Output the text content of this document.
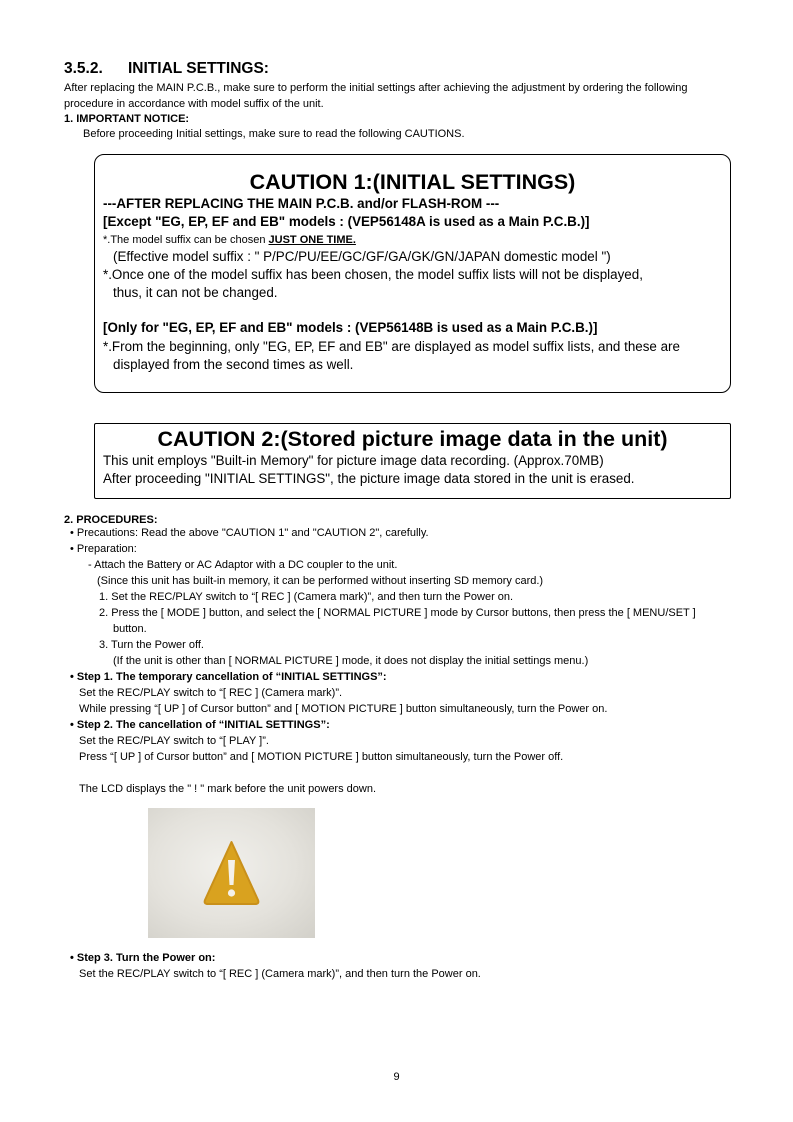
3.5.2. INITIAL SETTINGS:
After replacing the MAIN P.C.B., make sure to perform the initial settings after achieving the adjustment by ordering the following
procedure in accordance with model suffix of the unit.
1. IMPORTANT NOTICE:
Before proceeding Initial settings, make sure to read the following CAUTIONS.
CAUTION 1:(INITIAL SETTINGS)
---AFTER REPLACING THE MAIN P.C.B. and/or FLASH-ROM ---
[Except "EG, EP, EF and EB" models : (VEP56148A is used as a Main P.C.B.)]
*.The model suffix can be chosen JUST ONE TIME.
(Effective model suffix : " P/PC/PU/EE/GC/GF/GA/GK/GN/JAPAN domestic model ")
*.Once one of the model suffix has been chosen, the model suffix lists will not be displayed,
thus, it can not be changed.
[Only for "EG, EP, EF and EB" models : (VEP56148B is used as a Main P.C.B.)]
*.From the beginning, only "EG, EP, EF and EB" are displayed as model suffix lists, and these are
displayed from the second times as well.
CAUTION 2:(Stored picture image data in the unit)
This unit employs "Built-in Memory" for picture image data recording. (Approx.70MB)
After proceeding "INITIAL SETTINGS", the picture image data stored in the unit is erased.
2. PROCEDURES:
• Precautions: Read the above "CAUTION 1" and "CAUTION 2", carefully.
• Preparation:
- Attach the Battery or AC Adaptor with a DC coupler to the unit.
(Since this unit has built-in memory, it can be performed without inserting SD memory card.)
1. Set the REC/PLAY switch to “[ REC ] (Camera mark)”, and then turn the Power on.
2. Press the [ MODE ] button, and select the [ NORMAL PICTURE ] mode by Cursor buttons, then press the [ MENU/SET ]
button.
3. Turn the Power off.
(If the unit is other than [ NORMAL PICTURE ] mode, it does not display the initial settings menu.)
• Step 1. The temporary cancellation of “INITIAL SETTINGS”:
Set the REC/PLAY switch to “[ REC ] (Camera mark)”.
While pressing “[ UP ] of Cursor button” and [ MOTION PICTURE ] button simultaneously, turn the Power on.
• Step 2. The cancellation of “INITIAL SETTINGS”:
Set the REC/PLAY switch to “[ PLAY ]”.
Press “[ UP ] of Cursor button” and [ MOTION PICTURE ] button simultaneously, turn the Power off.
The LCD displays the " ! " mark before the unit powers down.
• Step 3. Turn the Power on:
Set the REC/PLAY switch to “[ REC ] (Camera mark)”, and then turn the Power on.
9
